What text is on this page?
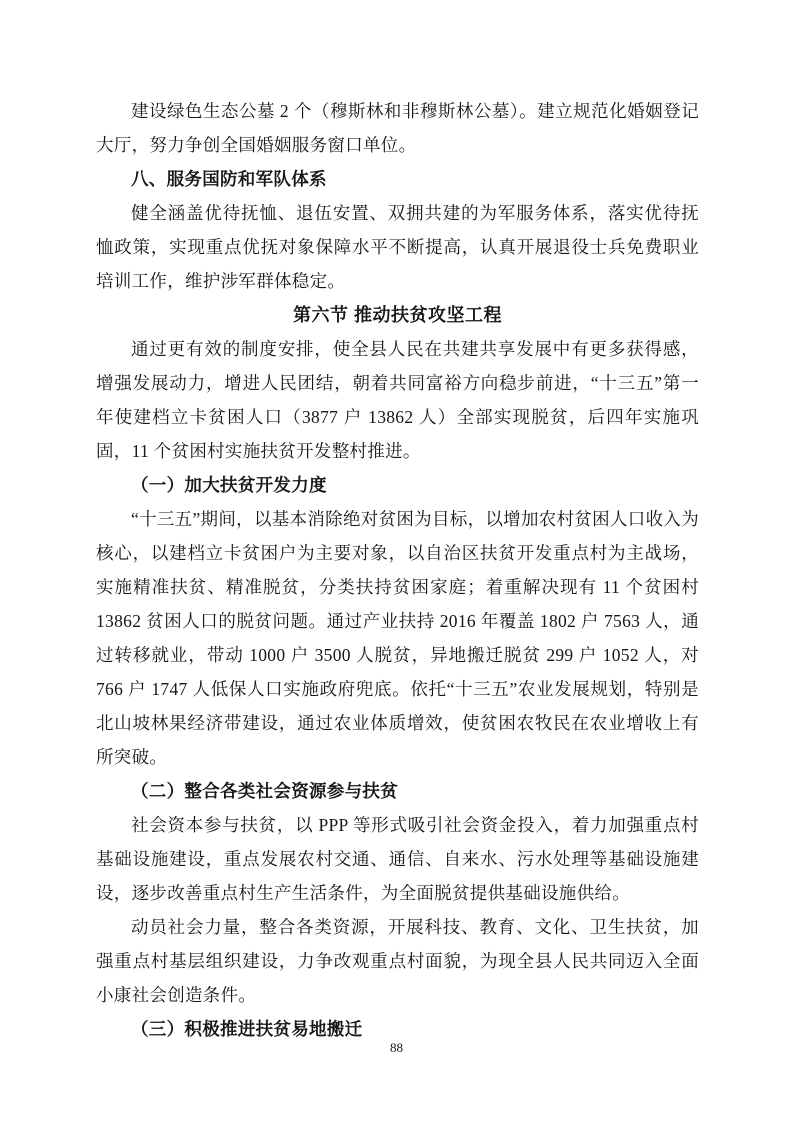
建设绿色生态公墓 2 个（穆斯林和非穆斯林公墓）。建立规范化婚姻登记大厅，努力争创全国婚姻服务窗口单位。
八、服务国防和军队体系
健全涵盖优待抚恤、退伍安置、双拥共建的为军服务体系，落实优待抚恤政策，实现重点优抚对象保障水平不断提高，认真开展退役士兵免费职业培训工作，维护涉军群体稳定。
第六节 推动扶贫攻坚工程
通过更有效的制度安排，使全县人民在共建共享发展中有更多获得感，增强发展动力，增进人民团结，朝着共同富裕方向稳步前进，“十三五”第一年使建档立卡贫困人口（3877 户 13862 人）全部实现脱贫，后四年实施巩固，11 个贫困村实施扶贫开发整村推进。
（一）加大扶贫开发力度
“十三五”期间，以基本消除绝对贫困为目标，以增加农村贫困人口收入为核心，以建档立卡贫困户为主要对象，以自治区扶贫开发重点村为主战场，实施精准扶贫、精准脱贫，分类扶持贫困家庭；着重解决现有 11 个贫困村 13862 贫困人口的脱贫问题。通过产业扶持 2016 年覆盖 1802 户 7563 人，通过转移就业，带动 1000 户 3500 人脱贫，异地搬迁脱贫 299 户 1052 人，对 766 户 1747 人低保人口实施政府兜底。依托“十三五”农业发展规划，特别是北山坡林果经济带建设，通过农业体质增效，使贫困农牧民在农业增收上有所突破。
（二）整合各类社会资源参与扶贫
社会资本参与扶贫，以 PPP 等形式吸引社会资金投入，着力加强重点村基础设施建设，重点发展农村交通、通信、自来水、污水处理等基础设施建设，逐步改善重点村生产生活条件，为全面脱贫提供基础设施供给。
动员社会力量，整合各类资源，开展科技、教育、文化、卫生扶贫，加强重点村基层组织建设，力争改观重点村面貌，为现全县人民共同迈入全面小康社会创造条件。
（三）积极推进扶贫易地搬迁
88
